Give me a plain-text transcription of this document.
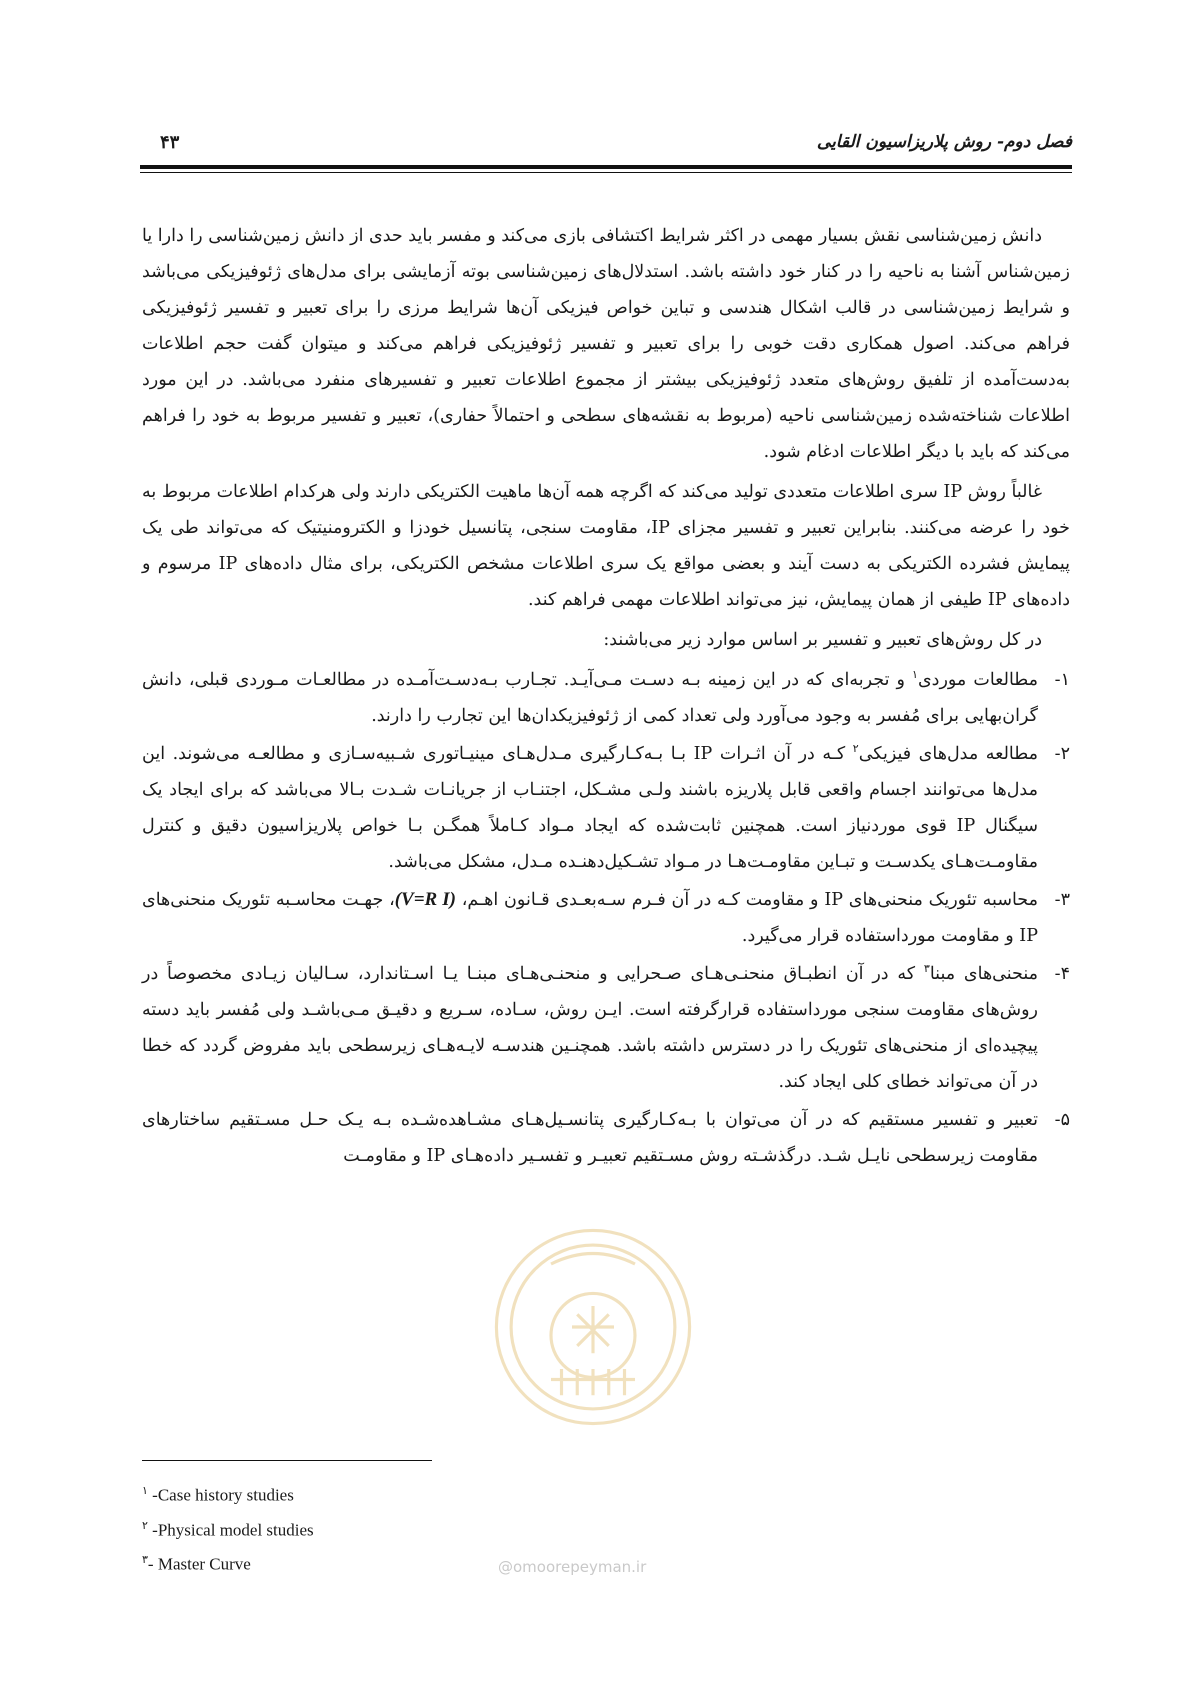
فصل دوم- روش پلاریزاسیون القایی
۴۳

دانش زمین‌شناسی نقش بسیار مهمی در اکثر شرایط اکتشافی بازی می‌کند و مفسر باید حدی از دانش زمین‌شناسی را دارا یا زمین‌شناس آشنا به ناحیه را در کنار خود داشته باشد. استدلال‌های زمین‌شناسی بوته آزمایشی برای مدل‌های ژئوفیزیکی می‌باشد و شرایط زمین‌شناسی در قالب اشکال هندسی و تباین خواص فیزیکی آن‌ها شرایط مرزی را برای تعبیر و تفسیر ژئوفیزیکی فراهم می‌کند. اصول همکاری دقت خوبی را برای تعبیر و تفسیر ژئوفیزیکی فراهم می‌کند و میتوان گفت حجم اطلاعات به‌دست‌آمده از تلفیق روش‌های متعدد ژئوفیزیکی بیشتر از مجموع اطلاعات تعبیر و تفسیرهای منفرد می‌باشد. در این مورد اطلاعات شناخته‌شده زمین‌شناسی ناحیه (مربوط به نقشه‌های سطحی و احتمالاً حفاری)، تعبیر و تفسیر مربوط به خود را فراهم می‌کند که باید با دیگر اطلاعات ادغام شود.

غالباً روش IP سری اطلاعات متعددی تولید می‌کند که اگرچه همه آن‌ها ماهیت الکتریکی دارند ولی هرکدام اطلاعات مربوط به خود را عرضه می‌کنند. بنابراین تعبیر و تفسیر مجزای IP، مقاومت سنجی، پتانسیل خودزا و الکترومنیتیک که می‌تواند طی یک پیمایش فشرده الکتریکی به دست آیند و بعضی مواقع یک سری اطلاعات مشخص الکتریکی، برای مثال داده‌های IP مرسوم و داده‌های IP طیفی از همان پیمایش، نیز می‌تواند اطلاعات مهمی فراهم کند.

در کل روش‌های تعبیر و تفسیر بر اساس موارد زیر می‌باشند:

۱-
مطالعات موردی$^۱$ و تجربه‌ای که در این زمینه بـه دسـت مـی‌آیـد. تجـارب بـه‌دسـت‌آمـده در مطالعـات مـوردی قبلی، دانش گران‌بهایی برای مُفسر به وجود می‌آورد ولی تعداد کمی از ژئوفیزیکدان‌ها این تجارب را دارند.
۲-
مطالعه مدل‌های فیزیکی$^۲$ کـه در آن اثـرات IP بـا بـه‌کـارگیری مـدل‌هـای مینیـاتوری شـبیه‌سـازی و مطالعـه می‌شوند. این مدل‌ها می‌توانند اجسام واقعی قابل پلاریزه باشند ولـی مشـکل، اجتنـاب از جریانـات شـدت بـالا می‌باشد که برای ایجاد یک سیگنال IP قوی موردنیاز است. همچنین ثابت‌شده که ایجاد مـواد کـاملاً همگـن بـا خواص پلاریزاسیون دقیق و کنترل مقاومـت‌هـای یکدسـت و تبـاین مقاومـت‌هـا در مـواد تشـکیل‌دهنـده مـدل، مشکل می‌باشد.
۳-
محاسبه تئوریک منحنی‌های IP و مقاومت کـه در آن فـرم سـه‌بعـدی قـانون اهـم، (V=R I)، جهـت محاسـبه تئوریک منحنی‌های IP و مقاومت مورداستفاده قرار می‌گیرد.
۴-
منحنی‌های مبنا$^۳$ که در آن انطبـاق منحنـی‌هـای صـحرایی و منحنـی‌هـای مبنـا یـا اسـتاندارد، سـالیان زیـادی مخصوصاً در روش‌های مقاومت سنجی مورداستفاده قرارگرفته است. ایـن روش، سـاده، سـریع و دقیـق مـی‌باشـد ولی مُفسر باید دسته پیچیده‌ای از منحنی‌های تئوریک را در دسترس داشته باشد. همچنـین هندسـه لایـه‌هـای زیرسطحی باید مفروض گردد که خطا در آن می‌تواند خطای کلی ایجاد کند.
۵-
تعبیر و تفسیر مستقیم که در آن می‌توان با بـه‌کـارگیری پتانسـیل‌هـای مشـاهده‌شـده بـه یـک حـل مسـتقیم ساختارهای مقاومت زیرسطحی نایـل شـد. درگذشـته روش مسـتقیم تعبیـر و تفسـیر داده‌هـای IP و مقاومـت
@omoorepeyman.ir
$^۱$ -Case history studies
$^۲$ -Physical model studies
$^۳$- Master Curve
